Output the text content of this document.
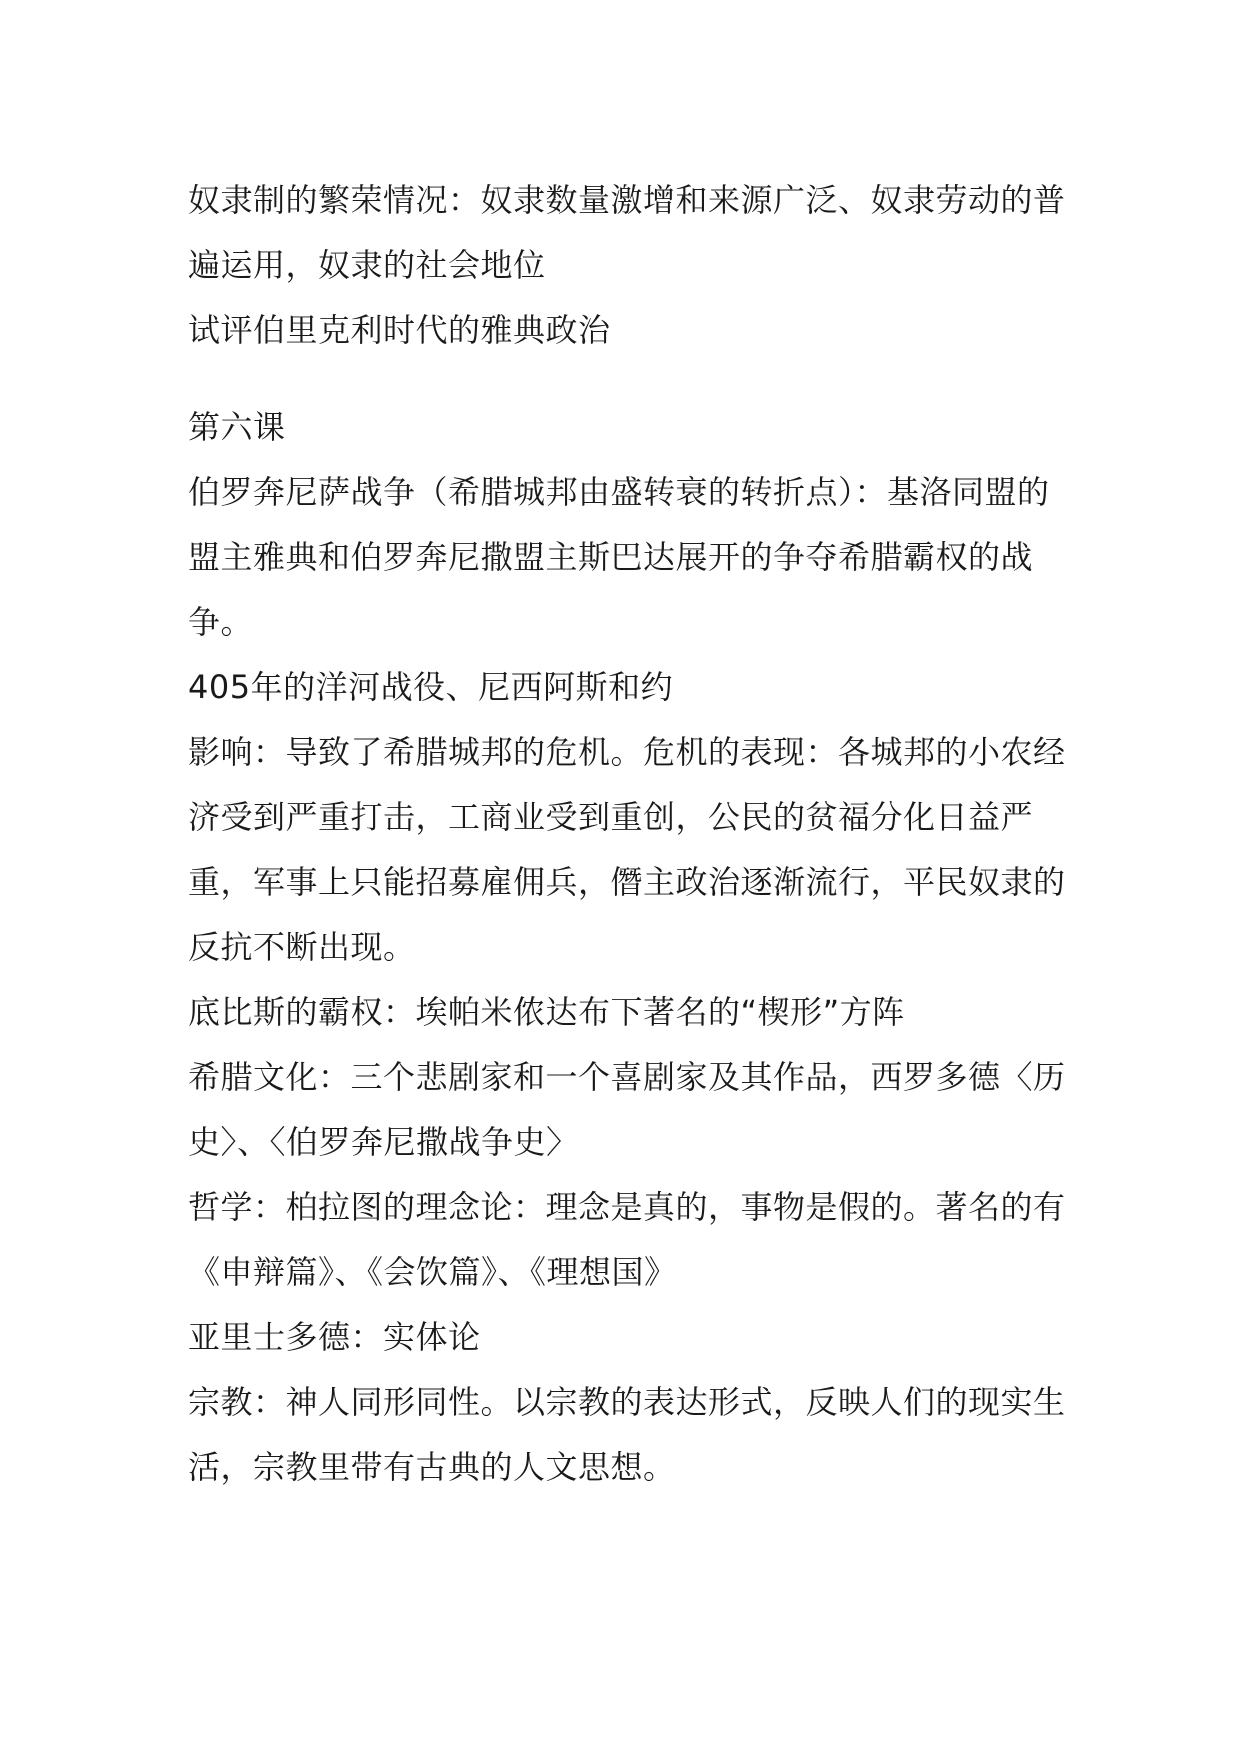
奴隶制的繁荣情况：奴隶数量激增和来源广泛、奴隶劳动的普遍运用，奴隶的社会地位

试评伯里克利时代的雅典政治

第六课

伯罗奔尼萨战争（希腊城邦由盛转衰的转折点）：基洛同盟的盟主雅典和伯罗奔尼撒盟主斯巴达展开的争夺希腊霸权的战争。

405年的洋河战役、尼西阿斯和约

影响：导致了希腊城邦的危机。危机的表现：各城邦的小农经济受到严重打击，工商业受到重创，公民的贫福分化日益严重，军事上只能招募雇佣兵，僭主政治逐渐流行，平民奴隶的反抗不断出现。

底比斯的霸权：埃帕米侬达布下著名的“楔形”方阵

希腊文化：三个悲剧家和一个喜剧家及其作品，西罗多德〈历史〉、〈伯罗奔尼撒战争史〉

哲学：柏拉图的理念论：理念是真的，事物是假的。著名的有《申辩篇》、《会饮篇》、《理想国》

亚里士多德：实体论

宗教：神人同形同性。以宗教的表达形式，反映人们的现实生活，宗教里带有古典的人文思想。
